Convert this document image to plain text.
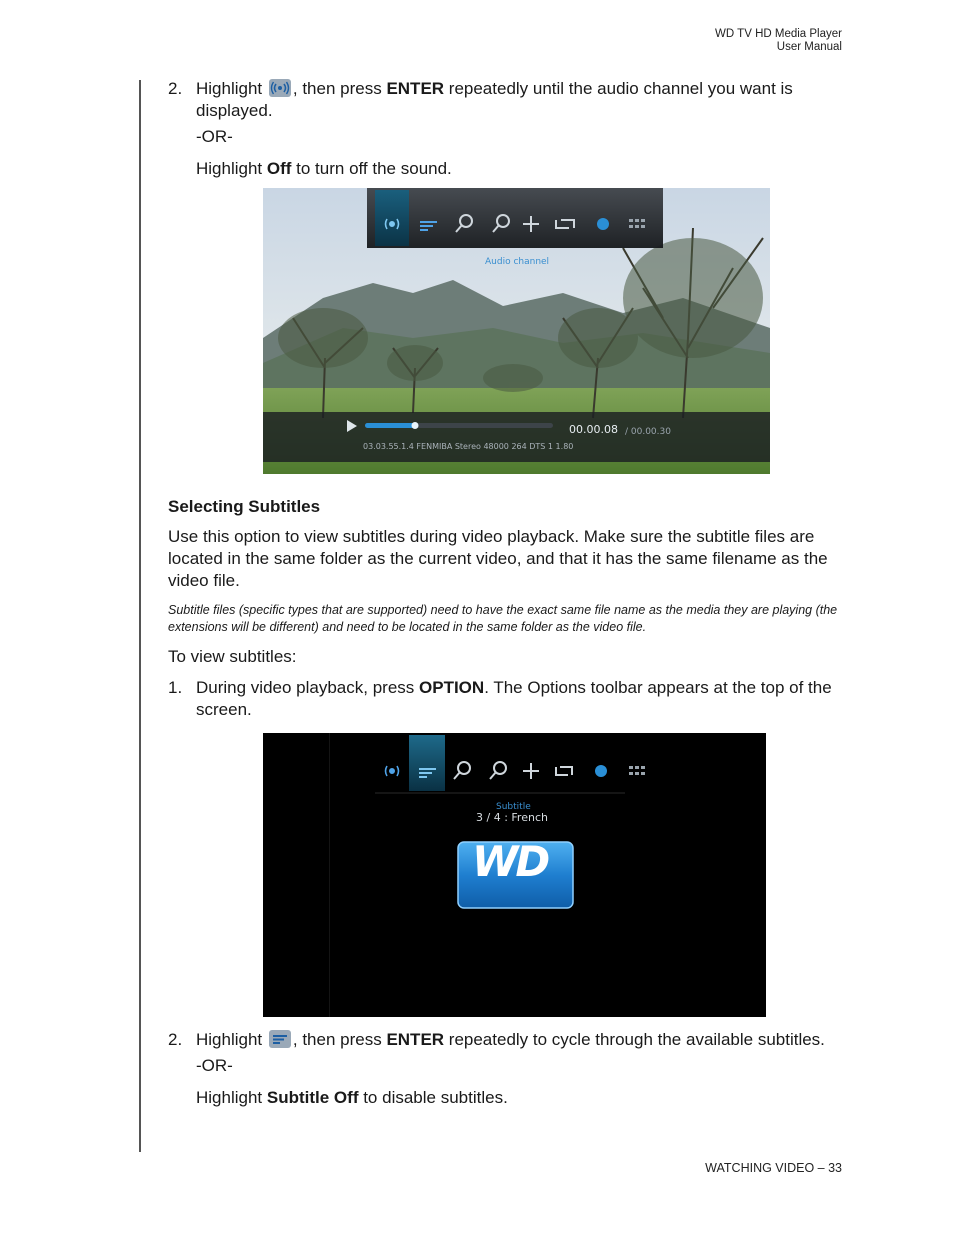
WD TV HD Media Player
User Manual

2. Highlight , then press ENTER repeatedly until the audio channel you want is displayed.

-OR-

Highlight Off to turn off the sound.

Audio channel
00.00.08 / 00.00.30
03.03.55.1.4 FENMIBA Stereo 48000 264 DTS 1 1.80
Selecting Subtitles

Use this option to view subtitles during video playback. Make sure the subtitle files are located in the same folder as the current video, and that it has the same filename as the video file.

Subtitle files (specific types that are supported) need to have the exact same file name as the media they are playing (the extensions will be different) and need to be located in the same folder as the video file.

To view subtitles:

1. During video playback, press OPTION. The Options toolbar appears at the top of the screen.

Subtitle
3 / 4 : French
WD

2. Highlight , then press ENTER repeatedly to cycle through the available subtitles.

-OR-

Highlight Subtitle Off to disable subtitles.

WATCHING VIDEO – 33
